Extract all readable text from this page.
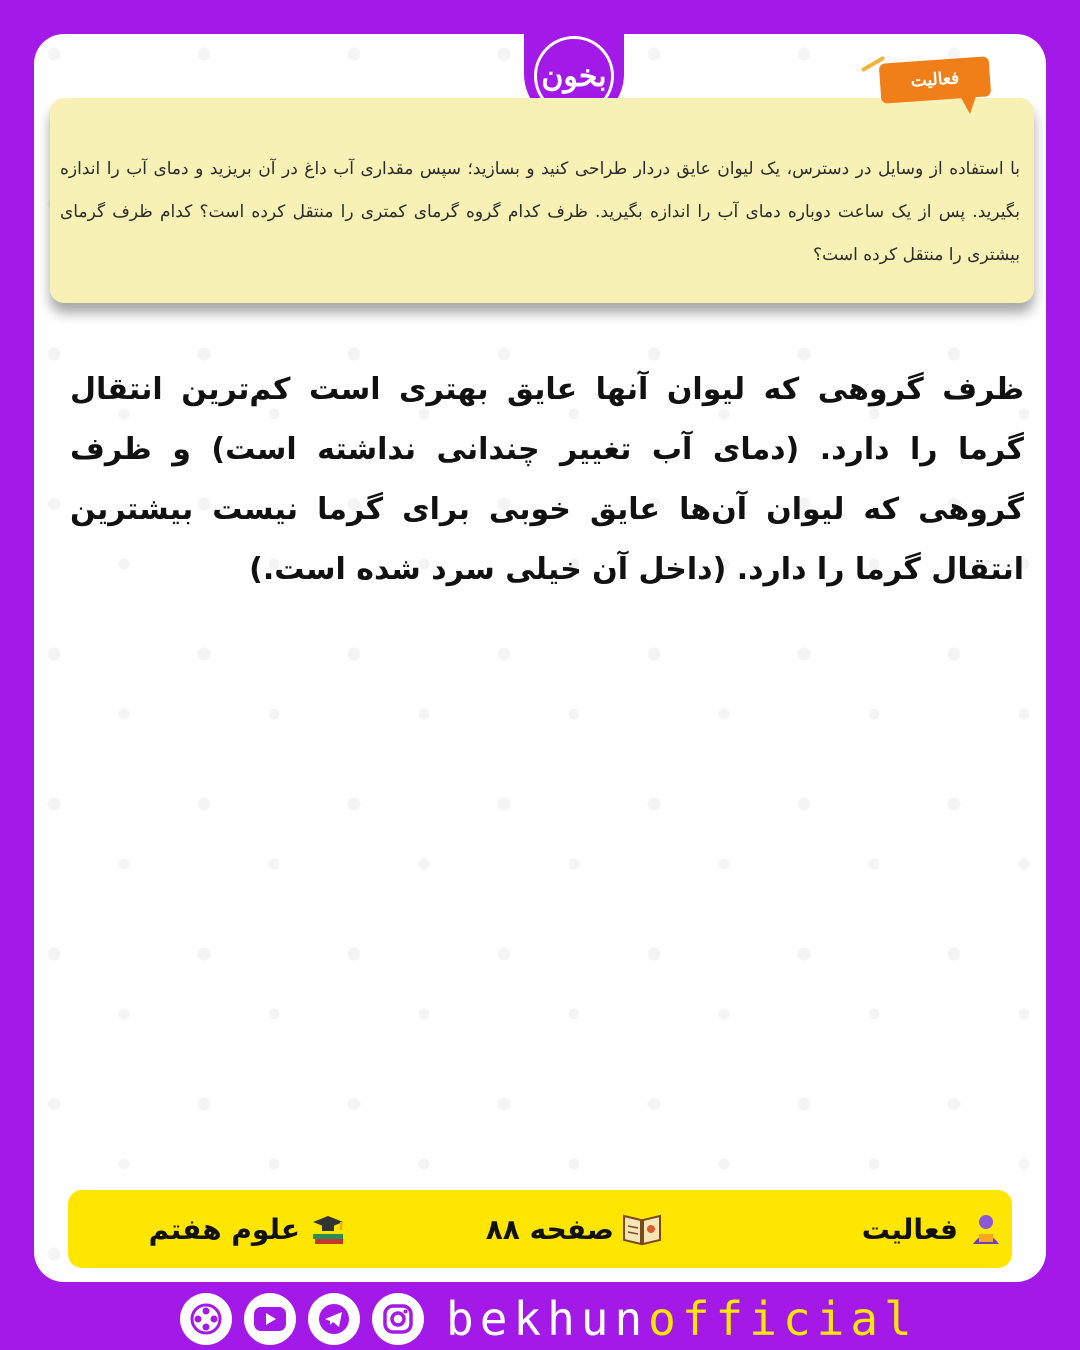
بخون	فعالیت
با استفاده از وسایل در دسترس، یک لیوان عایق دردار طراحی کنید و بسازید؛ سپس مقداری آب داغ در آن بریزید و دمای آب را اندازه بگیرید. پس از یک ساعت دوباره دمای آب را اندازه بگیرید. ظرف کدام گروه گرمای کمتری را منتقل کرده است؟ کدام ظرف گرمای بیشتری را منتقل کرده است؟
ظرف گروهی که لیوان آنها عایق بهتری است کم‌ترین انتقال گرما را دارد. (دمای آب تغییر چندانی نداشته است) و ظرف گروهی که لیوان آن‌ها عایق خوبی برای گرما نیست بیشترین انتقال گرما را دارد. (داخل آن خیلی سرد شده است.)
فعالیت
صفحه ۸۸
علوم هفتم
bekhunofficial
